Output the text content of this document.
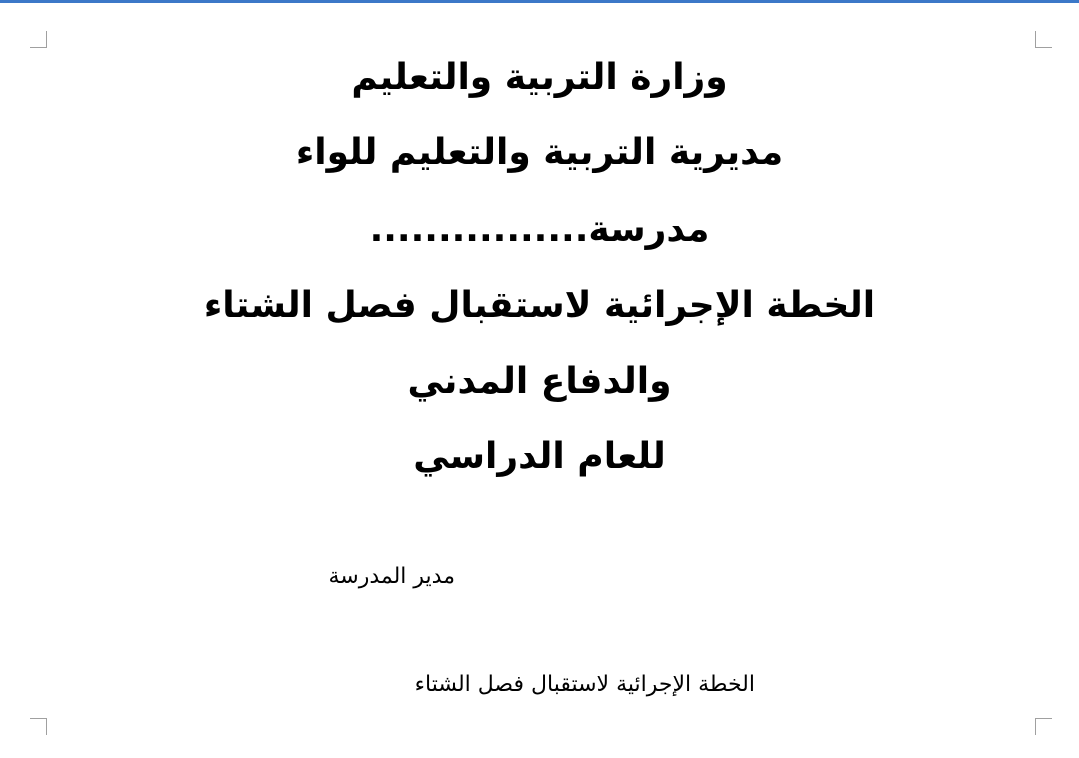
وزارة التربية والتعليم
مديرية التربية والتعليم للواء
مدرسة................
الخطة الإجرائية لاستقبال فصل الشتاء
والدفاع المدني
للعام الدراسي
مدير المدرسة
الخطة الإجرائية لاستقبال فصل الشتاء
